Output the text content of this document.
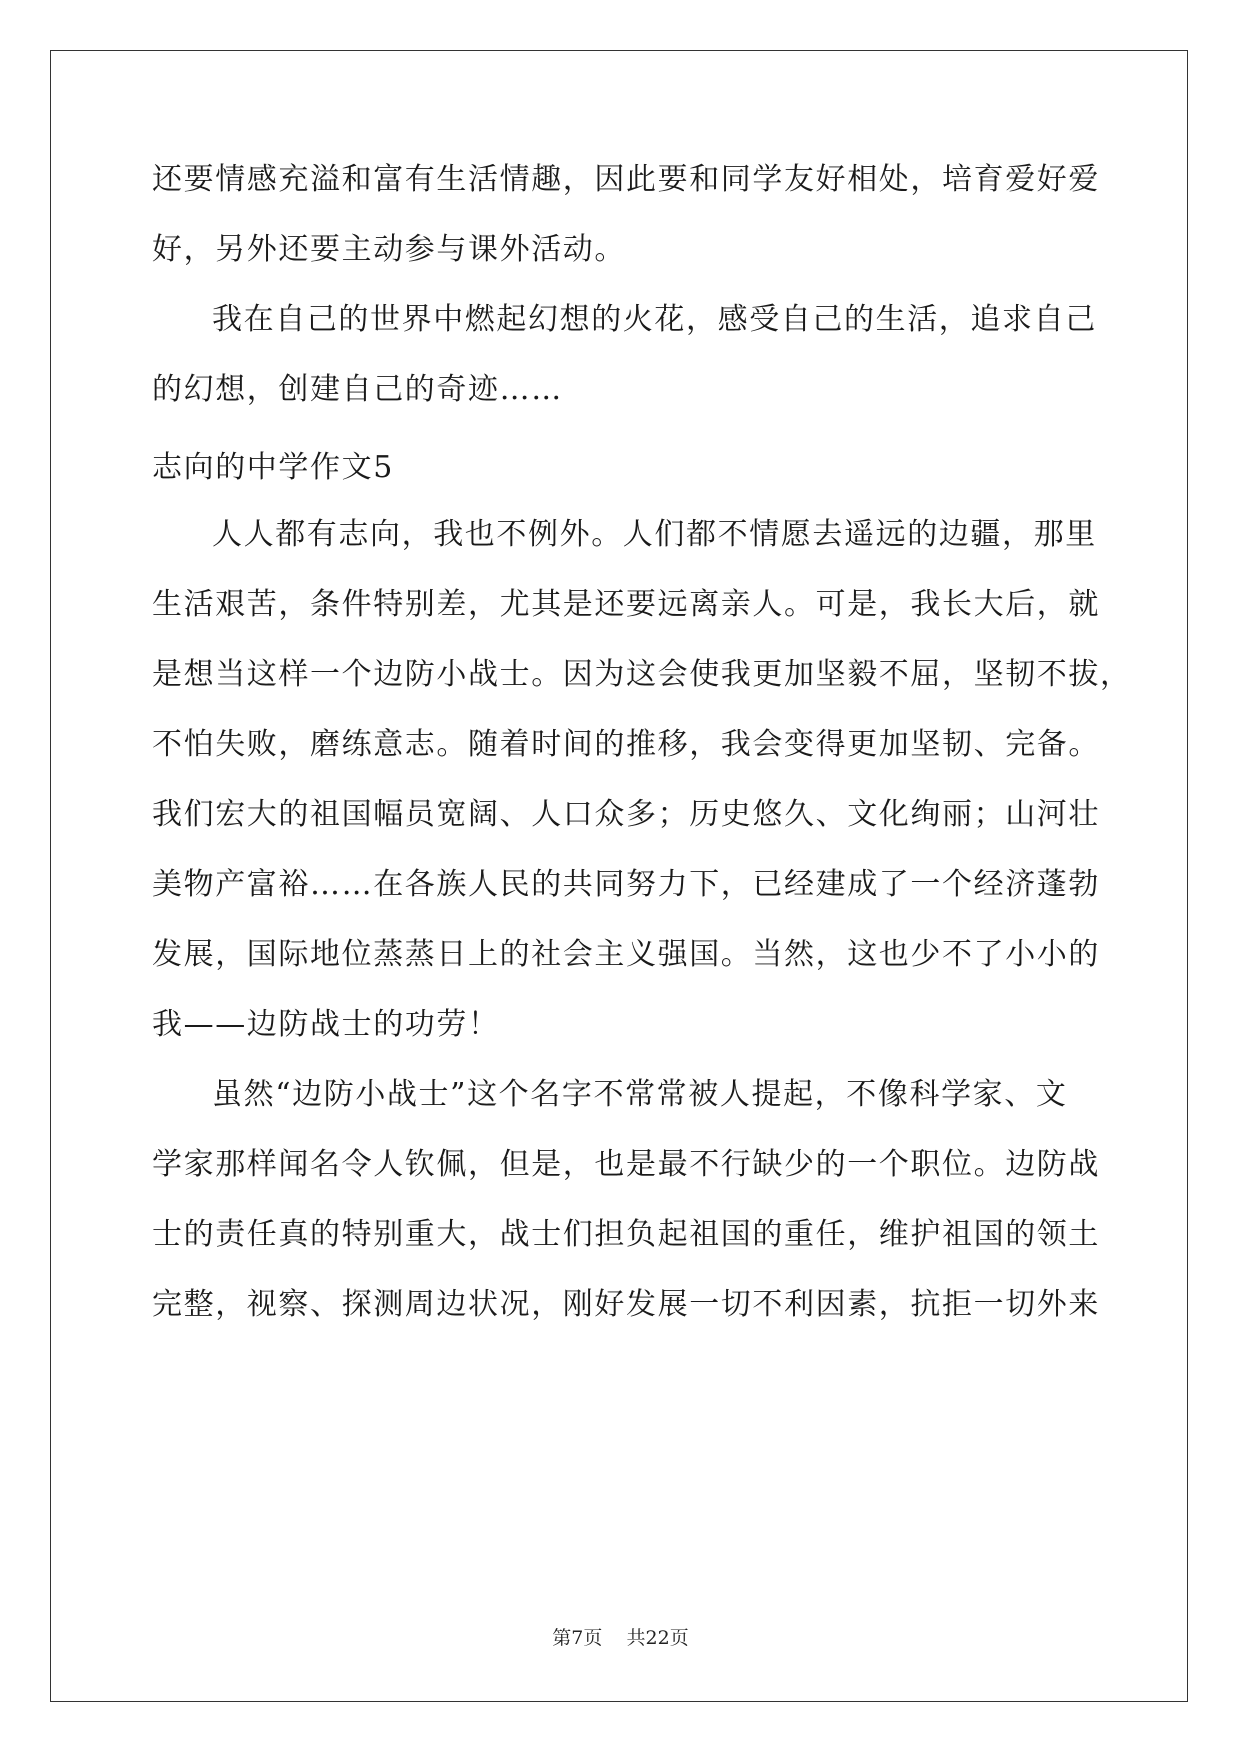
还要情感充溢和富有生活情趣，因此要和同学友好相处，培育爱好爱
好，另外还要主动参与课外活动。
我在自己的世界中燃起幻想的火花，感受自己的生活，追求自己
的幻想，创建自己的奇迹……
志向的中学作文5
人人都有志向，我也不例外。人们都不情愿去遥远的边疆，那里
生活艰苦，条件特别差，尤其是还要远离亲人。可是，我长大后，就
是想当这样一个边防小战士。因为这会使我更加坚毅不屈，坚韧不拔，
不怕失败，磨练意志。随着时间的推移，我会变得更加坚韧、完备。
我们宏大的祖国幅员宽阔、人口众多；历史悠久、文化绚丽；山河壮
美物产富裕……在各族人民的共同努力下，已经建成了一个经济蓬勃
发展，国际地位蒸蒸日上的社会主义强国。当然，这也少不了小小的
我——边防战士的功劳！
虽然“边防小战士”这个名字不常常被人提起，不像科学家、文
学家那样闻名令人钦佩，但是，也是最不行缺少的一个职位。边防战
士的责任真的特别重大，战士们担负起祖国的重任，维护祖国的领土
完整，视察、探测周边状况，刚好发展一切不利因素，抗拒一切外来
第7页    共22页
